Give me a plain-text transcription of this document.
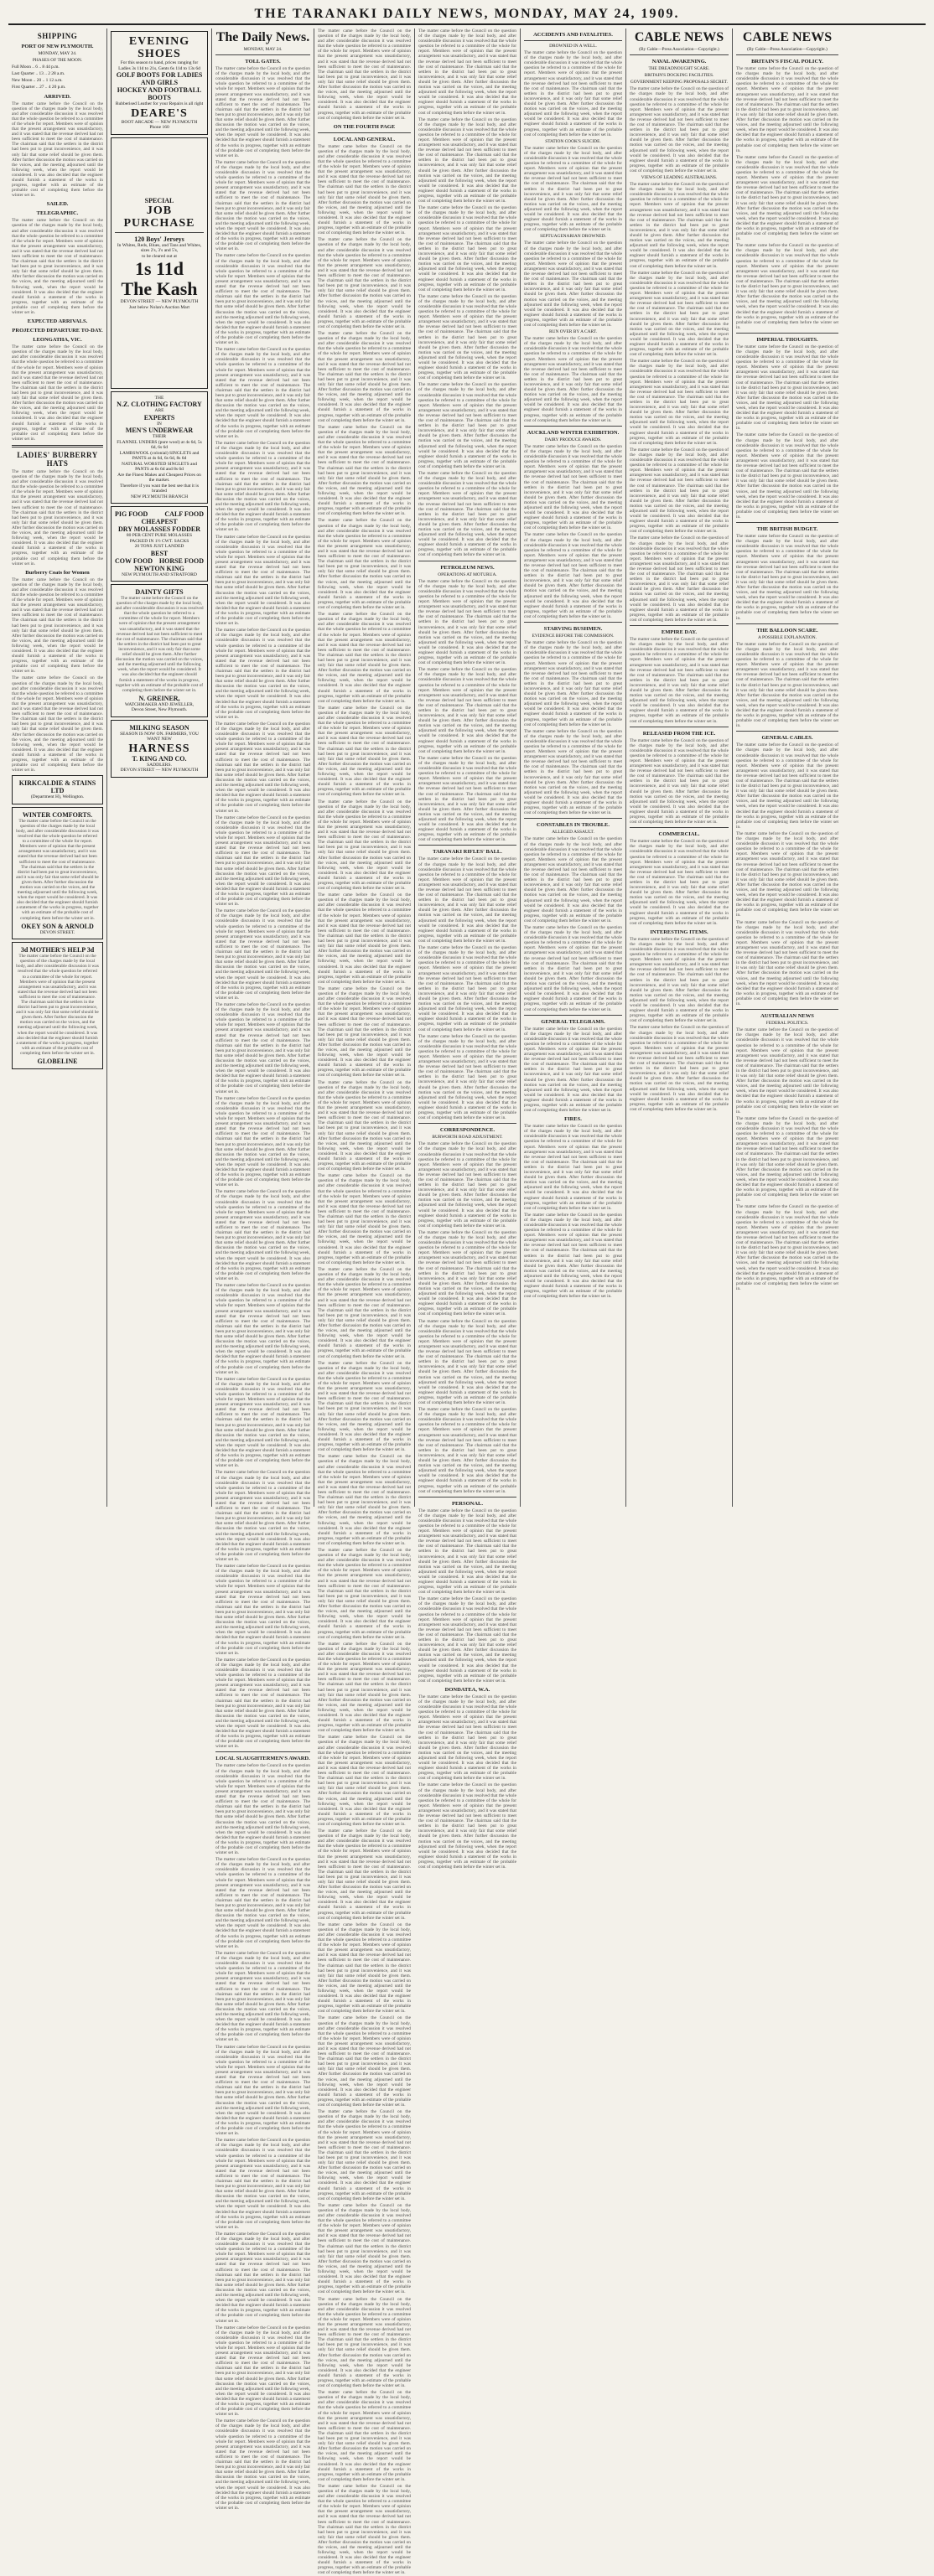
THE TARANAKI DAILY NEWS, MONDAY, MAY 24, 1909.
SHIPPING
PORT OF NEW PLYMOUTH.

MONDAY, MAY 24.

PHASES OF THE MOON.

Full Moon .. 6 .. 8 44 p.m.

Last Quarter .. 13 .. 2 28 a.m.

New Moon .. 20 .. 1 12 a.m.

First Quarter .. 27 .. 4 20 p.m.

ARRIVED.

The matter came before the Council on the question of the charges made by the local body, and after considerable discussion it was resolved that the whole question be referred to a committee of the whole for report. Members were of opinion that the present arrangement was unsatisfactory, and it was stated that the revenue derived had not been sufficient to meet the cost of maintenance. The chairman said that the settlers in the district had been put to great inconvenience, and it was only fair that some relief should be given them. After further discussion the motion was carried on the voices, and the meeting adjourned until the following week, when the report would be considered. It was also decided that the engineer should furnish a statement of the works in progress, together with an estimate of the probable cost of completing them before the winter set in.

SAILED.
TELEGRAPHIC.

The matter came before the Council on the question of the charges made by the local body, and after considerable discussion it was resolved that the whole question be referred to a committee of the whole for report. Members were of opinion that the present arrangement was unsatisfactory, and it was stated that the revenue derived had not been sufficient to meet the cost of maintenance. The chairman said that the settlers in the district had been put to great inconvenience, and it was only fair that some relief should be given them. After further discussion the motion was carried on the voices, and the meeting adjourned until the following week, when the report would be considered. It was also decided that the engineer should furnish a statement of the works in progress, together with an estimate of the probable cost of completing them before the winter set in.

EXPECTED ARRIVALS.
PROJECTED DEPARTURE TO-DAY.
LEONGATHA, VIC.

The matter came before the Council on the question of the charges made by the local body, and after considerable discussion it was resolved that the whole question be referred to a committee of the whole for report. Members were of opinion that the present arrangement was unsatisfactory, and it was stated that the revenue derived had not been sufficient to meet the cost of maintenance. The chairman said that the settlers in the district had been put to great inconvenience, and it was only fair that some relief should be given them. After further discussion the motion was carried on the voices, and the meeting adjourned until the following week, when the report would be considered. It was also decided that the engineer should furnish a statement of the works in progress, together with an estimate of the probable cost of completing them before the winter set in.

LADIES' BURBERRY HATS

The matter came before the Council on the question of the charges made by the local body, and after considerable discussion it was resolved that the whole question be referred to a committee of the whole for report. Members were of opinion that the present arrangement was unsatisfactory, and it was stated that the revenue derived had not been sufficient to meet the cost of maintenance. The chairman said that the settlers in the district had been put to great inconvenience, and it was only fair that some relief should be given them. After further discussion the motion was carried on the voices, and the meeting adjourned until the following week, when the report would be considered. It was also decided that the engineer should furnish a statement of the works in progress, together with an estimate of the probable cost of completing them before the winter set in.

Burberry Coats for Women

The matter came before the Council on the question of the charges made by the local body, and after considerable discussion it was resolved that the whole question be referred to a committee of the whole for report. Members were of opinion that the present arrangement was unsatisfactory, and it was stated that the revenue derived had not been sufficient to meet the cost of maintenance. The chairman said that the settlers in the district had been put to great inconvenience, and it was only fair that some relief should be given them. After further discussion the motion was carried on the voices, and the meeting adjourned until the following week, when the report would be considered. It was also decided that the engineer should furnish a statement of the works in progress, together with an estimate of the probable cost of completing them before the winter set in.

The matter came before the Council on the question of the charges made by the local body, and after considerable discussion it was resolved that the whole question be referred to a committee of the whole for report. Members were of opinion that the present arrangement was unsatisfactory, and it was stated that the revenue derived had not been sufficient to meet the cost of maintenance. The chairman said that the settlers in the district had been put to great inconvenience, and it was only fair that some relief should be given them. After further discussion the motion was carried on the voices, and the meeting adjourned until the following week, when the report would be considered. It was also decided that the engineer should furnish a statement of the works in progress, together with an estimate of the probable cost of completing them before the winter set in.

KIRKCALDIE & STAINS LTD
(Department H), Wellington.
WINTER COMFORTS.

The matter came before the Council on the question of the charges made by the local body, and after considerable discussion it was resolved that the whole question be referred to a committee of the whole for report. Members were of opinion that the present arrangement was unsatisfactory, and it was stated that the revenue derived had not been sufficient to meet the cost of maintenance. The chairman said that the settlers in the district had been put to great inconvenience, and it was only fair that some relief should be given them. After further discussion the motion was carried on the voices, and the meeting adjourned until the following week, when the report would be considered. It was also decided that the engineer should furnish a statement of the works in progress, together with an estimate of the probable cost of completing them before the winter set in.

OKEY SON & ARNOLD
DEVON STREET.
3d MOTHER'S HELP 3d

The matter came before the Council on the question of the charges made by the local body, and after considerable discussion it was resolved that the whole question be referred to a committee of the whole for report. Members were of opinion that the present arrangement was unsatisfactory, and it was stated that the revenue derived had not been sufficient to meet the cost of maintenance. The chairman said that the settlers in the district had been put to great inconvenience, and it was only fair that some relief should be given them. After further discussion the motion was carried on the voices, and the meeting adjourned until the following week, when the report would be considered. It was also decided that the engineer should furnish a statement of the works in progress, together with an estimate of the probable cost of completing them before the winter set in.

GLOBELINE
EVENING SHOES
For this season to hand, prices ranging for Ladies 3s 11d to 21s, Gents 6s 11d to 13s 6d
GOLF BOOTS FOR LADIES AND GIRLS
HOCKEY AND FOOTBALL BOOTS
Rubberised Leather for your Repairs is all right
DEARE'S
BOOT ARCADE — NEW PLYMOUTH
Phone 160
SPECIAL
JOB PURCHASE
120 Boys' Jerseys
In Whites, Reds, Blues, and Tans and Whites, sizes 2's, 3's and 5's,
to be cleared out at
1s 11d
The Kash
DEVON STREET — NEW PLYMOUTH
Just below Nolan's Auction Mart
THE
N.Z. CLOTHING FACTORY
ARE
EXPERTS
IN
MEN'S UNDERWEAR
THEIR
FLANNEL UNDERS (pure wool) at 4s 6d, 5s 6d, 6s 6d
LAMBSWOOL (colonial) SINGLETS and PANTS at 4s 6d, 6s 6d, 8s 6d
NATURAL WORSTED SINGLETS and PANTS at 6s 6d and 8s 6d
Are the Finest Makes and Cheapest Prices on the market.
Therefore if you want the best see that it is branded
NEW PLYMOUTH BRANCH
PIG FOOD	CALF FOOD
CHEAPEST
DRY MOLASSES FODDER
80 PER CENT PURE MOLASSES
PACKED IN 1½ CWT. SACKS
20 TONS JUST LANDED
BEST
COW FOOD HORSE FOOD
NEWTON KING
NEW PLYMOUTH AND STRATFORD
DAINTY GIFTS

The matter came before the Council on the question of the charges made by the local body, and after considerable discussion it was resolved that the whole question be referred to a committee of the whole for report. Members were of opinion that the present arrangement was unsatisfactory, and it was stated that the revenue derived had not been sufficient to meet the cost of maintenance. The chairman said that the settlers in the district had been put to great inconvenience, and it was only fair that some relief should be given them. After further discussion the motion was carried on the voices, and the meeting adjourned until the following week, when the report would be considered. It was also decided that the engineer should furnish a statement of the works in progress, together with an estimate of the probable cost of completing them before the winter set in.

N. GREINER,
WATCHMAKER AND JEWELLER,
Devon Street, New Plymouth.
MILKING SEASON
SEASON IS NOW ON. FARMERS, YOU WANT NEW
HARNESS
T. KING AND CO.
SADDLERS.
DEVON STREET — NEW PLYMOUTH
The Daily News.

MONDAY, MAY 24.

TOLL GATES.

The matter came before the Council on the question of the charges made by the local body, and after considerable discussion it was resolved that the whole question be referred to a committee of the whole for report. Members were of opinion that the present arrangement was unsatisfactory, and it was stated that the revenue derived had not been sufficient to meet the cost of maintenance. The chairman said that the settlers in the district had been put to great inconvenience, and it was only fair that some relief should be given them. After further discussion the motion was carried on the voices, and the meeting adjourned until the following week, when the report would be considered. It was also decided that the engineer should furnish a statement of the works in progress, together with an estimate of the probable cost of completing them before the winter set in.

The matter came before the Council on the question of the charges made by the local body, and after considerable discussion it was resolved that the whole question be referred to a committee of the whole for report. Members were of opinion that the present arrangement was unsatisfactory, and it was stated that the revenue derived had not been sufficient to meet the cost of maintenance. The chairman said that the settlers in the district had been put to great inconvenience, and it was only fair that some relief should be given them. After further discussion the motion was carried on the voices, and the meeting adjourned until the following week, when the report would be considered. It was also decided that the engineer should furnish a statement of the works in progress, together with an estimate of the probable cost of completing them before the winter set in.

The matter came before the Council on the question of the charges made by the local body, and after considerable discussion it was resolved that the whole question be referred to a committee of the whole for report. Members were of opinion that the present arrangement was unsatisfactory, and it was stated that the revenue derived had not been sufficient to meet the cost of maintenance. The chairman said that the settlers in the district had been put to great inconvenience, and it was only fair that some relief should be given them. After further discussion the motion was carried on the voices, and the meeting adjourned until the following week, when the report would be considered. It was also decided that the engineer should furnish a statement of the works in progress, together with an estimate of the probable cost of completing them before the winter set in.

The matter came before the Council on the question of the charges made by the local body, and after considerable discussion it was resolved that the whole question be referred to a committee of the whole for report. Members were of opinion that the present arrangement was unsatisfactory, and it was stated that the revenue derived had not been sufficient to meet the cost of maintenance. The chairman said that the settlers in the district had been put to great inconvenience, and it was only fair that some relief should be given them. After further discussion the motion was carried on the voices, and the meeting adjourned until the following week, when the report would be considered. It was also decided that the engineer should furnish a statement of the works in progress, together with an estimate of the probable cost of completing them before the winter set in.

The matter came before the Council on the question of the charges made by the local body, and after considerable discussion it was resolved that the whole question be referred to a committee of the whole for report. Members were of opinion that the present arrangement was unsatisfactory, and it was stated that the revenue derived had not been sufficient to meet the cost of maintenance. The chairman said that the settlers in the district had been put to great inconvenience, and it was only fair that some relief should be given them. After further discussion the motion was carried on the voices, and the meeting adjourned until the following week, when the report would be considered. It was also decided that the engineer should furnish a statement of the works in progress, together with an estimate of the probable cost of completing them before the winter set in.

The matter came before the Council on the question of the charges made by the local body, and after considerable discussion it was resolved that the whole question be referred to a committee of the whole for report. Members were of opinion that the present arrangement was unsatisfactory, and it was stated that the revenue derived had not been sufficient to meet the cost of maintenance. The chairman said that the settlers in the district had been put to great inconvenience, and it was only fair that some relief should be given them. After further discussion the motion was carried on the voices, and the meeting adjourned until the following week, when the report would be considered. It was also decided that the engineer should furnish a statement of the works in progress, together with an estimate of the probable cost of completing them before the winter set in.

The matter came before the Council on the question of the charges made by the local body, and after considerable discussion it was resolved that the whole question be referred to a committee of the whole for report. Members were of opinion that the present arrangement was unsatisfactory, and it was stated that the revenue derived had not been sufficient to meet the cost of maintenance. The chairman said that the settlers in the district had been put to great inconvenience, and it was only fair that some relief should be given them. After further discussion the motion was carried on the voices, and the meeting adjourned until the following week, when the report would be considered. It was also decided that the engineer should furnish a statement of the works in progress, together with an estimate of the probable cost of completing them before the winter set in.

The matter came before the Council on the question of the charges made by the local body, and after considerable discussion it was resolved that the whole question be referred to a committee of the whole for report. Members were of opinion that the present arrangement was unsatisfactory, and it was stated that the revenue derived had not been sufficient to meet the cost of maintenance. The chairman said that the settlers in the district had been put to great inconvenience, and it was only fair that some relief should be given them. After further discussion the motion was carried on the voices, and the meeting adjourned until the following week, when the report would be considered. It was also decided that the engineer should furnish a statement of the works in progress, together with an estimate of the probable cost of completing them before the winter set in.

The matter came before the Council on the question of the charges made by the local body, and after considerable discussion it was resolved that the whole question be referred to a committee of the whole for report. Members were of opinion that the present arrangement was unsatisfactory, and it was stated that the revenue derived had not been sufficient to meet the cost of maintenance. The chairman said that the settlers in the district had been put to great inconvenience, and it was only fair that some relief should be given them. After further discussion the motion was carried on the voices, and the meeting adjourned until the following week, when the report would be considered. It was also decided that the engineer should furnish a statement of the works in progress, together with an estimate of the probable cost of completing them before the winter set in.

The matter came before the Council on the question of the charges made by the local body, and after considerable discussion it was resolved that the whole question be referred to a committee of the whole for report. Members were of opinion that the present arrangement was unsatisfactory, and it was stated that the revenue derived had not been sufficient to meet the cost of maintenance. The chairman said that the settlers in the district had been put to great inconvenience, and it was only fair that some relief should be given them. After further discussion the motion was carried on the voices, and the meeting adjourned until the following week, when the report would be considered. It was also decided that the engineer should furnish a statement of the works in progress, together with an estimate of the probable cost of completing them before the winter set in.

The matter came before the Council on the question of the charges made by the local body, and after considerable discussion it was resolved that the whole question be referred to a committee of the whole for report. Members were of opinion that the present arrangement was unsatisfactory, and it was stated that the revenue derived had not been sufficient to meet the cost of maintenance. The chairman said that the settlers in the district had been put to great inconvenience, and it was only fair that some relief should be given them. After further discussion the motion was carried on the voices, and the meeting adjourned until the following week, when the report would be considered. It was also decided that the engineer should furnish a statement of the works in progress, together with an estimate of the probable cost of completing them before the winter set in.

The matter came before the Council on the question of the charges made by the local body, and after considerable discussion it was resolved that the whole question be referred to a committee of the whole for report. Members were of opinion that the present arrangement was unsatisfactory, and it was stated that the revenue derived had not been sufficient to meet the cost of maintenance. The chairman said that the settlers in the district had been put to great inconvenience, and it was only fair that some relief should be given them. After further discussion the motion was carried on the voices, and the meeting adjourned until the following week, when the report would be considered. It was also decided that the engineer should furnish a statement of the works in progress, together with an estimate of the probable cost of completing them before the winter set in.

The matter came before the Council on the question of the charges made by the local body, and after considerable discussion it was resolved that the whole question be referred to a committee of the whole for report. Members were of opinion that the present arrangement was unsatisfactory, and it was stated that the revenue derived had not been sufficient to meet the cost of maintenance. The chairman said that the settlers in the district had been put to great inconvenience, and it was only fair that some relief should be given them. After further discussion the motion was carried on the voices, and the meeting adjourned until the following week, when the report would be considered. It was also decided that the engineer should furnish a statement of the works in progress, together with an estimate of the probable cost of completing them before the winter set in.

The matter came before the Council on the question of the charges made by the local body, and after considerable discussion it was resolved that the whole question be referred to a committee of the whole for report. Members were of opinion that the present arrangement was unsatisfactory, and it was stated that the revenue derived had not been sufficient to meet the cost of maintenance. The chairman said that the settlers in the district had been put to great inconvenience, and it was only fair that some relief should be given them. After further discussion the motion was carried on the voices, and the meeting adjourned until the following week, when the report would be considered. It was also decided that the engineer should furnish a statement of the works in progress, together with an estimate of the probable cost of completing them before the winter set in.

The matter came before the Council on the question of the charges made by the local body, and after considerable discussion it was resolved that the whole question be referred to a committee of the whole for report. Members were of opinion that the present arrangement was unsatisfactory, and it was stated that the revenue derived had not been sufficient to meet the cost of maintenance. The chairman said that the settlers in the district had been put to great inconvenience, and it was only fair that some relief should be given them. After further discussion the motion was carried on the voices, and the meeting adjourned until the following week, when the report would be considered. It was also decided that the engineer should furnish a statement of the works in progress, together with an estimate of the probable cost of completing them before the winter set in.

The matter came before the Council on the question of the charges made by the local body, and after considerable discussion it was resolved that the whole question be referred to a committee of the whole for report. Members were of opinion that the present arrangement was unsatisfactory, and it was stated that the revenue derived had not been sufficient to meet the cost of maintenance. The chairman said that the settlers in the district had been put to great inconvenience, and it was only fair that some relief should be given them. After further discussion the motion was carried on the voices, and the meeting adjourned until the following week, when the report would be considered. It was also decided that the engineer should furnish a statement of the works in progress, together with an estimate of the probable cost of completing them before the winter set in.

The matter came before the Council on the question of the charges made by the local body, and after considerable discussion it was resolved that the whole question be referred to a committee of the whole for report. Members were of opinion that the present arrangement was unsatisfactory, and it was stated that the revenue derived had not been sufficient to meet the cost of maintenance. The chairman said that the settlers in the district had been put to great inconvenience, and it was only fair that some relief should be given them. After further discussion the motion was carried on the voices, and the meeting adjourned until the following week, when the report would be considered. It was also decided that the engineer should furnish a statement of the works in progress, together with an estimate of the probable cost of completing them before the winter set in.

The matter came before the Council on the question of the charges made by the local body, and after considerable discussion it was resolved that the whole question be referred to a committee of the whole for report. Members were of opinion that the present arrangement was unsatisfactory, and it was stated that the revenue derived had not been sufficient to meet the cost of maintenance. The chairman said that the settlers in the district had been put to great inconvenience, and it was only fair that some relief should be given them. After further discussion the motion was carried on the voices, and the meeting adjourned until the following week, when the report would be considered. It was also decided that the engineer should furnish a statement of the works in progress, together with an estimate of the probable cost of completing them before the winter set in.

LOCAL SLAUGHTERMEN'S AWARD.

The matter came before the Council on the question of the charges made by the local body, and after considerable discussion it was resolved that the whole question be referred to a committee of the whole for report. Members were of opinion that the present arrangement was unsatisfactory, and it was stated that the revenue derived had not been sufficient to meet the cost of maintenance. The chairman said that the settlers in the district had been put to great inconvenience, and it was only fair that some relief should be given them. After further discussion the motion was carried on the voices, and the meeting adjourned until the following week, when the report would be considered. It was also decided that the engineer should furnish a statement of the works in progress, together with an estimate of the probable cost of completing them before the winter set in.

The matter came before the Council on the question of the charges made by the local body, and after considerable discussion it was resolved that the whole question be referred to a committee of the whole for report. Members were of opinion that the present arrangement was unsatisfactory, and it was stated that the revenue derived had not been sufficient to meet the cost of maintenance. The chairman said that the settlers in the district had been put to great inconvenience, and it was only fair that some relief should be given them. After further discussion the motion was carried on the voices, and the meeting adjourned until the following week, when the report would be considered. It was also decided that the engineer should furnish a statement of the works in progress, together with an estimate of the probable cost of completing them before the winter set in.

The matter came before the Council on the question of the charges made by the local body, and after considerable discussion it was resolved that the whole question be referred to a committee of the whole for report. Members were of opinion that the present arrangement was unsatisfactory, and it was stated that the revenue derived had not been sufficient to meet the cost of maintenance. The chairman said that the settlers in the district had been put to great inconvenience, and it was only fair that some relief should be given them. After further discussion the motion was carried on the voices, and the meeting adjourned until the following week, when the report would be considered. It was also decided that the engineer should furnish a statement of the works in progress, together with an estimate of the probable cost of completing them before the winter set in.

The matter came before the Council on the question of the charges made by the local body, and after considerable discussion it was resolved that the whole question be referred to a committee of the whole for report. Members were of opinion that the present arrangement was unsatisfactory, and it was stated that the revenue derived had not been sufficient to meet the cost of maintenance. The chairman said that the settlers in the district had been put to great inconvenience, and it was only fair that some relief should be given them. After further discussion the motion was carried on the voices, and the meeting adjourned until the following week, when the report would be considered. It was also decided that the engineer should furnish a statement of the works in progress, together with an estimate of the probable cost of completing them before the winter set in.

The matter came before the Council on the question of the charges made by the local body, and after considerable discussion it was resolved that the whole question be referred to a committee of the whole for report. Members were of opinion that the present arrangement was unsatisfactory, and it was stated that the revenue derived had not been sufficient to meet the cost of maintenance. The chairman said that the settlers in the district had been put to great inconvenience, and it was only fair that some relief should be given them. After further discussion the motion was carried on the voices, and the meeting adjourned until the following week, when the report would be considered. It was also decided that the engineer should furnish a statement of the works in progress, together with an estimate of the probable cost of completing them before the winter set in.

The matter came before the Council on the question of the charges made by the local body, and after considerable discussion it was resolved that the whole question be referred to a committee of the whole for report. Members were of opinion that the present arrangement was unsatisfactory, and it was stated that the revenue derived had not been sufficient to meet the cost of maintenance. The chairman said that the settlers in the district had been put to great inconvenience, and it was only fair that some relief should be given them. After further discussion the motion was carried on the voices, and the meeting adjourned until the following week, when the report would be considered. It was also decided that the engineer should furnish a statement of the works in progress, together with an estimate of the probable cost of completing them before the winter set in.

The matter came before the Council on the question of the charges made by the local body, and after considerable discussion it was resolved that the whole question be referred to a committee of the whole for report. Members were of opinion that the present arrangement was unsatisfactory, and it was stated that the revenue derived had not been sufficient to meet the cost of maintenance. The chairman said that the settlers in the district had been put to great inconvenience, and it was only fair that some relief should be given them. After further discussion the motion was carried on the voices, and the meeting adjourned until the following week, when the report would be considered. It was also decided that the engineer should furnish a statement of the works in progress, together with an estimate of the probable cost of completing them before the winter set in.

The matter came before the Council on the question of the charges made by the local body, and after considerable discussion it was resolved that the whole question be referred to a committee of the whole for report. Members were of opinion that the present arrangement was unsatisfactory, and it was stated that the revenue derived had not been sufficient to meet the cost of maintenance. The chairman said that the settlers in the district had been put to great inconvenience, and it was only fair that some relief should be given them. After further discussion the motion was carried on the voices, and the meeting adjourned until the following week, when the report would be considered. It was also decided that the engineer should furnish a statement of the works in progress, together with an estimate of the probable cost of completing them before the winter set in.

The matter came before the Council on the question of the charges made by the local body, and after considerable discussion it was resolved that the whole question be referred to a committee of the whole for report. Members were of opinion that the present arrangement was unsatisfactory, and it was stated that the revenue derived had not been sufficient to meet the cost of maintenance. The chairman said that the settlers in the district had been put to great inconvenience, and it was only fair that some relief should be given them. After further discussion the motion was carried on the voices, and the meeting adjourned until the following week, when the report would be considered. It was also decided that the engineer should furnish a statement of the works in progress, together with an estimate of the probable cost of completing them before the winter set in.

ON THE FOURTH PAGE
LOCAL AND GENERAL.

The matter came before the Council on the question of the charges made by the local body, and after considerable discussion it was resolved that the whole question be referred to a committee of the whole for report. Members were of opinion that the present arrangement was unsatisfactory, and it was stated that the revenue derived had not been sufficient to meet the cost of maintenance. The chairman said that the settlers in the district had been put to great inconvenience, and it was only fair that some relief should be given them. After further discussion the motion was carried on the voices, and the meeting adjourned until the following week, when the report would be considered. It was also decided that the engineer should furnish a statement of the works in progress, together with an estimate of the probable cost of completing them before the winter set in.

The matter came before the Council on the question of the charges made by the local body, and after considerable discussion it was resolved that the whole question be referred to a committee of the whole for report. Members were of opinion that the present arrangement was unsatisfactory, and it was stated that the revenue derived had not been sufficient to meet the cost of maintenance. The chairman said that the settlers in the district had been put to great inconvenience, and it was only fair that some relief should be given them. After further discussion the motion was carried on the voices, and the meeting adjourned until the following week, when the report would be considered. It was also decided that the engineer should furnish a statement of the works in progress, together with an estimate of the probable cost of completing them before the winter set in.

The matter came before the Council on the question of the charges made by the local body, and after considerable discussion it was resolved that the whole question be referred to a committee of the whole for report. Members were of opinion that the present arrangement was unsatisfactory, and it was stated that the revenue derived had not been sufficient to meet the cost of maintenance. The chairman said that the settlers in the district had been put to great inconvenience, and it was only fair that some relief should be given them. After further discussion the motion was carried on the voices, and the meeting adjourned until the following week, when the report would be considered. It was also decided that the engineer should furnish a statement of the works in progress, together with an estimate of the probable cost of completing them before the winter set in.

The matter came before the Council on the question of the charges made by the local body, and after considerable discussion it was resolved that the whole question be referred to a committee of the whole for report. Members were of opinion that the present arrangement was unsatisfactory, and it was stated that the revenue derived had not been sufficient to meet the cost of maintenance. The chairman said that the settlers in the district had been put to great inconvenience, and it was only fair that some relief should be given them. After further discussion the motion was carried on the voices, and the meeting adjourned until the following week, when the report would be considered. It was also decided that the engineer should furnish a statement of the works in progress, together with an estimate of the probable cost of completing them before the winter set in.

The matter came before the Council on the question of the charges made by the local body, and after considerable discussion it was resolved that the whole question be referred to a committee of the whole for report. Members were of opinion that the present arrangement was unsatisfactory, and it was stated that the revenue derived had not been sufficient to meet the cost of maintenance. The chairman said that the settlers in the district had been put to great inconvenience, and it was only fair that some relief should be given them. After further discussion the motion was carried on the voices, and the meeting adjourned until the following week, when the report would be considered. It was also decided that the engineer should furnish a statement of the works in progress, together with an estimate of the probable cost of completing them before the winter set in.

The matter came before the Council on the question of the charges made by the local body, and after considerable discussion it was resolved that the whole question be referred to a committee of the whole for report. Members were of opinion that the present arrangement was unsatisfactory, and it was stated that the revenue derived had not been sufficient to meet the cost of maintenance. The chairman said that the settlers in the district had been put to great inconvenience, and it was only fair that some relief should be given them. After further discussion the motion was carried on the voices, and the meeting adjourned until the following week, when the report would be considered. It was also decided that the engineer should furnish a statement of the works in progress, together with an estimate of the probable cost of completing them before the winter set in.

The matter came before the Council on the question of the charges made by the local body, and after considerable discussion it was resolved that the whole question be referred to a committee of the whole for report. Members were of opinion that the present arrangement was unsatisfactory, and it was stated that the revenue derived had not been sufficient to meet the cost of maintenance. The chairman said that the settlers in the district had been put to great inconvenience, and it was only fair that some relief should be given them. After further discussion the motion was carried on the voices, and the meeting adjourned until the following week, when the report would be considered. It was also decided that the engineer should furnish a statement of the works in progress, together with an estimate of the probable cost of completing them before the winter set in.

The matter came before the Council on the question of the charges made by the local body, and after considerable discussion it was resolved that the whole question be referred to a committee of the whole for report. Members were of opinion that the present arrangement was unsatisfactory, and it was stated that the revenue derived had not been sufficient to meet the cost of maintenance. The chairman said that the settlers in the district had been put to great inconvenience, and it was only fair that some relief should be given them. After further discussion the motion was carried on the voices, and the meeting adjourned until the following week, when the report would be considered. It was also decided that the engineer should furnish a statement of the works in progress, together with an estimate of the probable cost of completing them before the winter set in.

The matter came before the Council on the question of the charges made by the local body, and after considerable discussion it was resolved that the whole question be referred to a committee of the whole for report. Members were of opinion that the present arrangement was unsatisfactory, and it was stated that the revenue derived had not been sufficient to meet the cost of maintenance. The chairman said that the settlers in the district had been put to great inconvenience, and it was only fair that some relief should be given them. After further discussion the motion was carried on the voices, and the meeting adjourned until the following week, when the report would be considered. It was also decided that the engineer should furnish a statement of the works in progress, together with an estimate of the probable cost of completing them before the winter set in.

The matter came before the Council on the question of the charges made by the local body, and after considerable discussion it was resolved that the whole question be referred to a committee of the whole for report. Members were of opinion that the present arrangement was unsatisfactory, and it was stated that the revenue derived had not been sufficient to meet the cost of maintenance. The chairman said that the settlers in the district had been put to great inconvenience, and it was only fair that some relief should be given them. After further discussion the motion was carried on the voices, and the meeting adjourned until the following week, when the report would be considered. It was also decided that the engineer should furnish a statement of the works in progress, together with an estimate of the probable cost of completing them before the winter set in.

The matter came before the Council on the question of the charges made by the local body, and after considerable discussion it was resolved that the whole question be referred to a committee of the whole for report. Members were of opinion that the present arrangement was unsatisfactory, and it was stated that the revenue derived had not been sufficient to meet the cost of maintenance. The chairman said that the settlers in the district had been put to great inconvenience, and it was only fair that some relief should be given them. After further discussion the motion was carried on the voices, and the meeting adjourned until the following week, when the report would be considered. It was also decided that the engineer should furnish a statement of the works in progress, together with an estimate of the probable cost of completing them before the winter set in.

The matter came before the Council on the question of the charges made by the local body, and after considerable discussion it was resolved that the whole question be referred to a committee of the whole for report. Members were of opinion that the present arrangement was unsatisfactory, and it was stated that the revenue derived had not been sufficient to meet the cost of maintenance. The chairman said that the settlers in the district had been put to great inconvenience, and it was only fair that some relief should be given them. After further discussion the motion was carried on the voices, and the meeting adjourned until the following week, when the report would be considered. It was also decided that the engineer should furnish a statement of the works in progress, together with an estimate of the probable cost of completing them before the winter set in.

The matter came before the Council on the question of the charges made by the local body, and after considerable discussion it was resolved that the whole question be referred to a committee of the whole for report. Members were of opinion that the present arrangement was unsatisfactory, and it was stated that the revenue derived had not been sufficient to meet the cost of maintenance. The chairman said that the settlers in the district had been put to great inconvenience, and it was only fair that some relief should be given them. After further discussion the motion was carried on the voices, and the meeting adjourned until the following week, when the report would be considered. It was also decided that the engineer should furnish a statement of the works in progress, together with an estimate of the probable cost of completing them before the winter set in.

The matter came before the Council on the question of the charges made by the local body, and after considerable discussion it was resolved that the whole question be referred to a committee of the whole for report. Members were of opinion that the present arrangement was unsatisfactory, and it was stated that the revenue derived had not been sufficient to meet the cost of maintenance. The chairman said that the settlers in the district had been put to great inconvenience, and it was only fair that some relief should be given them. After further discussion the motion was carried on the voices, and the meeting adjourned until the following week, when the report would be considered. It was also decided that the engineer should furnish a statement of the works in progress, together with an estimate of the probable cost of completing them before the winter set in.

The matter came before the Council on the question of the charges made by the local body, and after considerable discussion it was resolved that the whole question be referred to a committee of the whole for report. Members were of opinion that the present arrangement was unsatisfactory, and it was stated that the revenue derived had not been sufficient to meet the cost of maintenance. The chairman said that the settlers in the district had been put to great inconvenience, and it was only fair that some relief should be given them. After further discussion the motion was carried on the voices, and the meeting adjourned until the following week, when the report would be considered. It was also decided that the engineer should furnish a statement of the works in progress, together with an estimate of the probable cost of completing them before the winter set in.

The matter came before the Council on the question of the charges made by the local body, and after considerable discussion it was resolved that the whole question be referred to a committee of the whole for report. Members were of opinion that the present arrangement was unsatisfactory, and it was stated that the revenue derived had not been sufficient to meet the cost of maintenance. The chairman said that the settlers in the district had been put to great inconvenience, and it was only fair that some relief should be given them. After further discussion the motion was carried on the voices, and the meeting adjourned until the following week, when the report would be considered. It was also decided that the engineer should furnish a statement of the works in progress, together with an estimate of the probable cost of completing them before the winter set in.

The matter came before the Council on the question of the charges made by the local body, and after considerable discussion it was resolved that the whole question be referred to a committee of the whole for report. Members were of opinion that the present arrangement was unsatisfactory, and it was stated that the revenue derived had not been sufficient to meet the cost of maintenance. The chairman said that the settlers in the district had been put to great inconvenience, and it was only fair that some relief should be given them. After further discussion the motion was carried on the voices, and the meeting adjourned until the following week, when the report would be considered. It was also decided that the engineer should furnish a statement of the works in progress, together with an estimate of the probable cost of completing them before the winter set in.

The matter came before the Council on the question of the charges made by the local body, and after considerable discussion it was resolved that the whole question be referred to a committee of the whole for report. Members were of opinion that the present arrangement was unsatisfactory, and it was stated that the revenue derived had not been sufficient to meet the cost of maintenance. The chairman said that the settlers in the district had been put to great inconvenience, and it was only fair that some relief should be given them. After further discussion the motion was carried on the voices, and the meeting adjourned until the following week, when the report would be considered. It was also decided that the engineer should furnish a statement of the works in progress, together with an estimate of the probable cost of completing them before the winter set in.

The matter came before the Council on the question of the charges made by the local body, and after considerable discussion it was resolved that the whole question be referred to a committee of the whole for report. Members were of opinion that the present arrangement was unsatisfactory, and it was stated that the revenue derived had not been sufficient to meet the cost of maintenance. The chairman said that the settlers in the district had been put to great inconvenience, and it was only fair that some relief should be given them. After further discussion the motion was carried on the voices, and the meeting adjourned until the following week, when the report would be considered. It was also decided that the engineer should furnish a statement of the works in progress, together with an estimate of the probable cost of completing them before the winter set in.

The matter came before the Council on the question of the charges made by the local body, and after considerable discussion it was resolved that the whole question be referred to a committee of the whole for report. Members were of opinion that the present arrangement was unsatisfactory, and it was stated that the revenue derived had not been sufficient to meet the cost of maintenance. The chairman said that the settlers in the district had been put to great inconvenience, and it was only fair that some relief should be given them. After further discussion the motion was carried on the voices, and the meeting adjourned until the following week, when the report would be considered. It was also decided that the engineer should furnish a statement of the works in progress, together with an estimate of the probable cost of completing them before the winter set in.

The matter came before the Council on the question of the charges made by the local body, and after considerable discussion it was resolved that the whole question be referred to a committee of the whole for report. Members were of opinion that the present arrangement was unsatisfactory, and it was stated that the revenue derived had not been sufficient to meet the cost of maintenance. The chairman said that the settlers in the district had been put to great inconvenience, and it was only fair that some relief should be given them. After further discussion the motion was carried on the voices, and the meeting adjourned until the following week, when the report would be considered. It was also decided that the engineer should furnish a statement of the works in progress, together with an estimate of the probable cost of completing them before the winter set in.

The matter came before the Council on the question of the charges made by the local body, and after considerable discussion it was resolved that the whole question be referred to a committee of the whole for report. Members were of opinion that the present arrangement was unsatisfactory, and it was stated that the revenue derived had not been sufficient to meet the cost of maintenance. The chairman said that the settlers in the district had been put to great inconvenience, and it was only fair that some relief should be given them. After further discussion the motion was carried on the voices, and the meeting adjourned until the following week, when the report would be considered. It was also decided that the engineer should furnish a statement of the works in progress, together with an estimate of the probable cost of completing them before the winter set in.

The matter came before the Council on the question of the charges made by the local body, and after considerable discussion it was resolved that the whole question be referred to a committee of the whole for report. Members were of opinion that the present arrangement was unsatisfactory, and it was stated that the revenue derived had not been sufficient to meet the cost of maintenance. The chairman said that the settlers in the district had been put to great inconvenience, and it was only fair that some relief should be given them. After further discussion the motion was carried on the voices, and the meeting adjourned until the following week, when the report would be considered. It was also decided that the engineer should furnish a statement of the works in progress, together with an estimate of the probable cost of completing them before the winter set in.

The matter came before the Council on the question of the charges made by the local body, and after considerable discussion it was resolved that the whole question be referred to a committee of the whole for report. Members were of opinion that the present arrangement was unsatisfactory, and it was stated that the revenue derived had not been sufficient to meet the cost of maintenance. The chairman said that the settlers in the district had been put to great inconvenience, and it was only fair that some relief should be given them. After further discussion the motion was carried on the voices, and the meeting adjourned until the following week, when the report would be considered. It was also decided that the engineer should furnish a statement of the works in progress, together with an estimate of the probable cost of completing them before the winter set in.

The matter came before the Council on the question of the charges made by the local body, and after considerable discussion it was resolved that the whole question be referred to a committee of the whole for report. Members were of opinion that the present arrangement was unsatisfactory, and it was stated that the revenue derived had not been sufficient to meet the cost of maintenance. The chairman said that the settlers in the district had been put to great inconvenience, and it was only fair that some relief should be given them. After further discussion the motion was carried on the voices, and the meeting adjourned until the following week, when the report would be considered. It was also decided that the engineer should furnish a statement of the works in progress, together with an estimate of the probable cost of completing them before the winter set in.

The matter came before the Council on the question of the charges made by the local body, and after considerable discussion it was resolved that the whole question be referred to a committee of the whole for report. Members were of opinion that the present arrangement was unsatisfactory, and it was stated that the revenue derived had not been sufficient to meet the cost of maintenance. The chairman said that the settlers in the district had been put to great inconvenience, and it was only fair that some relief should be given them. After further discussion the motion was carried on the voices, and the meeting adjourned until the following week, when the report would be considered. It was also decided that the engineer should furnish a statement of the works in progress, together with an estimate of the probable cost of completing them before the winter set in.

The matter came before the Council on the question of the charges made by the local body, and after considerable discussion it was resolved that the whole question be referred to a committee of the whole for report. Members were of opinion that the present arrangement was unsatisfactory, and it was stated that the revenue derived had not been sufficient to meet the cost of maintenance. The chairman said that the settlers in the district had been put to great inconvenience, and it was only fair that some relief should be given them. After further discussion the motion was carried on the voices, and the meeting adjourned until the following week, when the report would be considered. It was also decided that the engineer should furnish a statement of the works in progress, together with an estimate of the probable cost of completing them before the winter set in.

The matter came before the Council on the question of the charges made by the local body, and after considerable discussion it was resolved that the whole question be referred to a committee of the whole for report. Members were of opinion that the present arrangement was unsatisfactory, and it was stated that the revenue derived had not been sufficient to meet the cost of maintenance. The chairman said that the settlers in the district had been put to great inconvenience, and it was only fair that some relief should be given them. After further discussion the motion was carried on the voices, and the meeting adjourned until the following week, when the report would be considered. It was also decided that the engineer should furnish a statement of the works in progress, together with an estimate of the probable cost of completing them before the winter set in.

The matter came before the Council on the question of the charges made by the local body, and after considerable discussion it was resolved that the whole question be referred to a committee of the whole for report. Members were of opinion that the present arrangement was unsatisfactory, and it was stated that the revenue derived had not been sufficient to meet the cost of maintenance. The chairman said that the settlers in the district had been put to great inconvenience, and it was only fair that some relief should be given them. After further discussion the motion was carried on the voices, and the meeting adjourned until the following week, when the report would be considered. It was also decided that the engineer should furnish a statement of the works in progress, together with an estimate of the probable cost of completing them before the winter set in.

The matter came before the Council on the question of the charges made by the local body, and after considerable discussion it was resolved that the whole question be referred to a committee of the whole for report. Members were of opinion that the present arrangement was unsatisfactory, and it was stated that the revenue derived had not been sufficient to meet the cost of maintenance. The chairman said that the settlers in the district had been put to great inconvenience, and it was only fair that some relief should be given them. After further discussion the motion was carried on the voices, and the meeting adjourned until the following week, when the report would be considered. It was also decided that the engineer should furnish a statement of the works in progress, together with an estimate of the probable cost of completing them before the winter set in.

The matter came before the Council on the question of the charges made by the local body, and after considerable discussion it was resolved that the whole question be referred to a committee of the whole for report. Members were of opinion that the present arrangement was unsatisfactory, and it was stated that the revenue derived had not been sufficient to meet the cost of maintenance. The chairman said that the settlers in the district had been put to great inconvenience, and it was only fair that some relief should be given them. After further discussion the motion was carried on the voices, and the meeting adjourned until the following week, when the report would be considered. It was also decided that the engineer should furnish a statement of the works in progress, together with an estimate of the probable cost of completing them before the winter set in.

The matter came before the Council on the question of the charges made by the local body, and after considerable discussion it was resolved that the whole question be referred to a committee of the whole for report. Members were of opinion that the present arrangement was unsatisfactory, and it was stated that the revenue derived had not been sufficient to meet the cost of maintenance. The chairman said that the settlers in the district had been put to great inconvenience, and it was only fair that some relief should be given them. After further discussion the motion was carried on the voices, and the meeting adjourned until the following week, when the report would be considered. It was also decided that the engineer should furnish a statement of the works in progress, together with an estimate of the probable cost of completing them before the winter set in.

PETROLEUM NEWS.

OPERATIONS AT MOTURUA.

The matter came before the Council on the question of the charges made by the local body, and after considerable discussion it was resolved that the whole question be referred to a committee of the whole for report. Members were of opinion that the present arrangement was unsatisfactory, and it was stated that the revenue derived had not been sufficient to meet the cost of maintenance. The chairman said that the settlers in the district had been put to great inconvenience, and it was only fair that some relief should be given them. After further discussion the motion was carried on the voices, and the meeting adjourned until the following week, when the report would be considered. It was also decided that the engineer should furnish a statement of the works in progress, together with an estimate of the probable cost of completing them before the winter set in.

The matter came before the Council on the question of the charges made by the local body, and after considerable discussion it was resolved that the whole question be referred to a committee of the whole for report. Members were of opinion that the present arrangement was unsatisfactory, and it was stated that the revenue derived had not been sufficient to meet the cost of maintenance. The chairman said that the settlers in the district had been put to great inconvenience, and it was only fair that some relief should be given them. After further discussion the motion was carried on the voices, and the meeting adjourned until the following week, when the report would be considered. It was also decided that the engineer should furnish a statement of the works in progress, together with an estimate of the probable cost of completing them before the winter set in.

The matter came before the Council on the question of the charges made by the local body, and after considerable discussion it was resolved that the whole question be referred to a committee of the whole for report. Members were of opinion that the present arrangement was unsatisfactory, and it was stated that the revenue derived had not been sufficient to meet the cost of maintenance. The chairman said that the settlers in the district had been put to great inconvenience, and it was only fair that some relief should be given them. After further discussion the motion was carried on the voices, and the meeting adjourned until the following week, when the report would be considered. It was also decided that the engineer should furnish a statement of the works in progress, together with an estimate of the probable cost of completing them before the winter set in.

TARANAKI RIFLES' BALL.

The matter came before the Council on the question of the charges made by the local body, and after considerable discussion it was resolved that the whole question be referred to a committee of the whole for report. Members were of opinion that the present arrangement was unsatisfactory, and it was stated that the revenue derived had not been sufficient to meet the cost of maintenance. The chairman said that the settlers in the district had been put to great inconvenience, and it was only fair that some relief should be given them. After further discussion the motion was carried on the voices, and the meeting adjourned until the following week, when the report would be considered. It was also decided that the engineer should furnish a statement of the works in progress, together with an estimate of the probable cost of completing them before the winter set in.

The matter came before the Council on the question of the charges made by the local body, and after considerable discussion it was resolved that the whole question be referred to a committee of the whole for report. Members were of opinion that the present arrangement was unsatisfactory, and it was stated that the revenue derived had not been sufficient to meet the cost of maintenance. The chairman said that the settlers in the district had been put to great inconvenience, and it was only fair that some relief should be given them. After further discussion the motion was carried on the voices, and the meeting adjourned until the following week, when the report would be considered. It was also decided that the engineer should furnish a statement of the works in progress, together with an estimate of the probable cost of completing them before the winter set in.

The matter came before the Council on the question of the charges made by the local body, and after considerable discussion it was resolved that the whole question be referred to a committee of the whole for report. Members were of opinion that the present arrangement was unsatisfactory, and it was stated that the revenue derived had not been sufficient to meet the cost of maintenance. The chairman said that the settlers in the district had been put to great inconvenience, and it was only fair that some relief should be given them. After further discussion the motion was carried on the voices, and the meeting adjourned until the following week, when the report would be considered. It was also decided that the engineer should furnish a statement of the works in progress, together with an estimate of the probable cost of completing them before the winter set in.

CORRESPONDENCE.

BURWORTH ROAD ADJUSTMENT.

The matter came before the Council on the question of the charges made by the local body, and after considerable discussion it was resolved that the whole question be referred to a committee of the whole for report. Members were of opinion that the present arrangement was unsatisfactory, and it was stated that the revenue derived had not been sufficient to meet the cost of maintenance. The chairman said that the settlers in the district had been put to great inconvenience, and it was only fair that some relief should be given them. After further discussion the motion was carried on the voices, and the meeting adjourned until the following week, when the report would be considered. It was also decided that the engineer should furnish a statement of the works in progress, together with an estimate of the probable cost of completing them before the winter set in.

The matter came before the Council on the question of the charges made by the local body, and after considerable discussion it was resolved that the whole question be referred to a committee of the whole for report. Members were of opinion that the present arrangement was unsatisfactory, and it was stated that the revenue derived had not been sufficient to meet the cost of maintenance. The chairman said that the settlers in the district had been put to great inconvenience, and it was only fair that some relief should be given them. After further discussion the motion was carried on the voices, and the meeting adjourned until the following week, when the report would be considered. It was also decided that the engineer should furnish a statement of the works in progress, together with an estimate of the probable cost of completing them before the winter set in.

The matter came before the Council on the question of the charges made by the local body, and after considerable discussion it was resolved that the whole question be referred to a committee of the whole for report. Members were of opinion that the present arrangement was unsatisfactory, and it was stated that the revenue derived had not been sufficient to meet the cost of maintenance. The chairman said that the settlers in the district had been put to great inconvenience, and it was only fair that some relief should be given them. After further discussion the motion was carried on the voices, and the meeting adjourned until the following week, when the report would be considered. It was also decided that the engineer should furnish a statement of the works in progress, together with an estimate of the probable cost of completing them before the winter set in.

The matter came before the Council on the question of the charges made by the local body, and after considerable discussion it was resolved that the whole question be referred to a committee of the whole for report. Members were of opinion that the present arrangement was unsatisfactory, and it was stated that the revenue derived had not been sufficient to meet the cost of maintenance. The chairman said that the settlers in the district had been put to great inconvenience, and it was only fair that some relief should be given them. After further discussion the motion was carried on the voices, and the meeting adjourned until the following week, when the report would be considered. It was also decided that the engineer should furnish a statement of the works in progress, together with an estimate of the probable cost of completing them before the winter set in.

PERSONAL.

The matter came before the Council on the question of the charges made by the local body, and after considerable discussion it was resolved that the whole question be referred to a committee of the whole for report. Members were of opinion that the present arrangement was unsatisfactory, and it was stated that the revenue derived had not been sufficient to meet the cost of maintenance. The chairman said that the settlers in the district had been put to great inconvenience, and it was only fair that some relief should be given them. After further discussion the motion was carried on the voices, and the meeting adjourned until the following week, when the report would be considered. It was also decided that the engineer should furnish a statement of the works in progress, together with an estimate of the probable cost of completing them before the winter set in.

The matter came before the Council on the question of the charges made by the local body, and after considerable discussion it was resolved that the whole question be referred to a committee of the whole for report. Members were of opinion that the present arrangement was unsatisfactory, and it was stated that the revenue derived had not been sufficient to meet the cost of maintenance. The chairman said that the settlers in the district had been put to great inconvenience, and it was only fair that some relief should be given them. After further discussion the motion was carried on the voices, and the meeting adjourned until the following week, when the report would be considered. It was also decided that the engineer should furnish a statement of the works in progress, together with an estimate of the probable cost of completing them before the winter set in.

DONDATEA, W.A.

The matter came before the Council on the question of the charges made by the local body, and after considerable discussion it was resolved that the whole question be referred to a committee of the whole for report. Members were of opinion that the present arrangement was unsatisfactory, and it was stated that the revenue derived had not been sufficient to meet the cost of maintenance. The chairman said that the settlers in the district had been put to great inconvenience, and it was only fair that some relief should be given them. After further discussion the motion was carried on the voices, and the meeting adjourned until the following week, when the report would be considered. It was also decided that the engineer should furnish a statement of the works in progress, together with an estimate of the probable cost of completing them before the winter set in.

The matter came before the Council on the question of the charges made by the local body, and after considerable discussion it was resolved that the whole question be referred to a committee of the whole for report. Members were of opinion that the present arrangement was unsatisfactory, and it was stated that the revenue derived had not been sufficient to meet the cost of maintenance. The chairman said that the settlers in the district had been put to great inconvenience, and it was only fair that some relief should be given them. After further discussion the motion was carried on the voices, and the meeting adjourned until the following week, when the report would be considered. It was also decided that the engineer should furnish a statement of the works in progress, together with an estimate of the probable cost of completing them before the winter set in.

ACCIDENTS AND FATALITIES.

DROWNED IN A WELL.

The matter came before the Council on the question of the charges made by the local body, and after considerable discussion it was resolved that the whole question be referred to a committee of the whole for report. Members were of opinion that the present arrangement was unsatisfactory, and it was stated that the revenue derived had not been sufficient to meet the cost of maintenance. The chairman said that the settlers in the district had been put to great inconvenience, and it was only fair that some relief should be given them. After further discussion the motion was carried on the voices, and the meeting adjourned until the following week, when the report would be considered. It was also decided that the engineer should furnish a statement of the works in progress, together with an estimate of the probable cost of completing them before the winter set in.

STATION COOK'S SUICIDE.

The matter came before the Council on the question of the charges made by the local body, and after considerable discussion it was resolved that the whole question be referred to a committee of the whole for report. Members were of opinion that the present arrangement was unsatisfactory, and it was stated that the revenue derived had not been sufficient to meet the cost of maintenance. The chairman said that the settlers in the district had been put to great inconvenience, and it was only fair that some relief should be given them. After further discussion the motion was carried on the voices, and the meeting adjourned until the following week, when the report would be considered. It was also decided that the engineer should furnish a statement of the works in progress, together with an estimate of the probable cost of completing them before the winter set in.

SEPTUAGENARIAN DROWNED.

The matter came before the Council on the question of the charges made by the local body, and after considerable discussion it was resolved that the whole question be referred to a committee of the whole for report. Members were of opinion that the present arrangement was unsatisfactory, and it was stated that the revenue derived had not been sufficient to meet the cost of maintenance. The chairman said that the settlers in the district had been put to great inconvenience, and it was only fair that some relief should be given them. After further discussion the motion was carried on the voices, and the meeting adjourned until the following week, when the report would be considered. It was also decided that the engineer should furnish a statement of the works in progress, together with an estimate of the probable cost of completing them before the winter set in.

RUN OVER BY A CART.

The matter came before the Council on the question of the charges made by the local body, and after considerable discussion it was resolved that the whole question be referred to a committee of the whole for report. Members were of opinion that the present arrangement was unsatisfactory, and it was stated that the revenue derived had not been sufficient to meet the cost of maintenance. The chairman said that the settlers in the district had been put to great inconvenience, and it was only fair that some relief should be given them. After further discussion the motion was carried on the voices, and the meeting adjourned until the following week, when the report would be considered. It was also decided that the engineer should furnish a statement of the works in progress, together with an estimate of the probable cost of completing them before the winter set in.

AUCKLAND WINTER EXHIBITION.

DAIRY PRODUCE AWARDS.

The matter came before the Council on the question of the charges made by the local body, and after considerable discussion it was resolved that the whole question be referred to a committee of the whole for report. Members were of opinion that the present arrangement was unsatisfactory, and it was stated that the revenue derived had not been sufficient to meet the cost of maintenance. The chairman said that the settlers in the district had been put to great inconvenience, and it was only fair that some relief should be given them. After further discussion the motion was carried on the voices, and the meeting adjourned until the following week, when the report would be considered. It was also decided that the engineer should furnish a statement of the works in progress, together with an estimate of the probable cost of completing them before the winter set in.

The matter came before the Council on the question of the charges made by the local body, and after considerable discussion it was resolved that the whole question be referred to a committee of the whole for report. Members were of opinion that the present arrangement was unsatisfactory, and it was stated that the revenue derived had not been sufficient to meet the cost of maintenance. The chairman said that the settlers in the district had been put to great inconvenience, and it was only fair that some relief should be given them. After further discussion the motion was carried on the voices, and the meeting adjourned until the following week, when the report would be considered. It was also decided that the engineer should furnish a statement of the works in progress, together with an estimate of the probable cost of completing them before the winter set in.

STARVING BUSHMEN.

EVIDENCE BEFORE THE COMMISSION.

The matter came before the Council on the question of the charges made by the local body, and after considerable discussion it was resolved that the whole question be referred to a committee of the whole for report. Members were of opinion that the present arrangement was unsatisfactory, and it was stated that the revenue derived had not been sufficient to meet the cost of maintenance. The chairman said that the settlers in the district had been put to great inconvenience, and it was only fair that some relief should be given them. After further discussion the motion was carried on the voices, and the meeting adjourned until the following week, when the report would be considered. It was also decided that the engineer should furnish a statement of the works in progress, together with an estimate of the probable cost of completing them before the winter set in.

The matter came before the Council on the question of the charges made by the local body, and after considerable discussion it was resolved that the whole question be referred to a committee of the whole for report. Members were of opinion that the present arrangement was unsatisfactory, and it was stated that the revenue derived had not been sufficient to meet the cost of maintenance. The chairman said that the settlers in the district had been put to great inconvenience, and it was only fair that some relief should be given them. After further discussion the motion was carried on the voices, and the meeting adjourned until the following week, when the report would be considered. It was also decided that the engineer should furnish a statement of the works in progress, together with an estimate of the probable cost of completing them before the winter set in.

CONSTABLES IN TROUBLE.

ALLEGED ASSAULT.

The matter came before the Council on the question of the charges made by the local body, and after considerable discussion it was resolved that the whole question be referred to a committee of the whole for report. Members were of opinion that the present arrangement was unsatisfactory, and it was stated that the revenue derived had not been sufficient to meet the cost of maintenance. The chairman said that the settlers in the district had been put to great inconvenience, and it was only fair that some relief should be given them. After further discussion the motion was carried on the voices, and the meeting adjourned until the following week, when the report would be considered. It was also decided that the engineer should furnish a statement of the works in progress, together with an estimate of the probable cost of completing them before the winter set in.

The matter came before the Council on the question of the charges made by the local body, and after considerable discussion it was resolved that the whole question be referred to a committee of the whole for report. Members were of opinion that the present arrangement was unsatisfactory, and it was stated that the revenue derived had not been sufficient to meet the cost of maintenance. The chairman said that the settlers in the district had been put to great inconvenience, and it was only fair that some relief should be given them. After further discussion the motion was carried on the voices, and the meeting adjourned until the following week, when the report would be considered. It was also decided that the engineer should furnish a statement of the works in progress, together with an estimate of the probable cost of completing them before the winter set in.

GENERAL TELEGRAMS.

The matter came before the Council on the question of the charges made by the local body, and after considerable discussion it was resolved that the whole question be referred to a committee of the whole for report. Members were of opinion that the present arrangement was unsatisfactory, and it was stated that the revenue derived had not been sufficient to meet the cost of maintenance. The chairman said that the settlers in the district had been put to great inconvenience, and it was only fair that some relief should be given them. After further discussion the motion was carried on the voices, and the meeting adjourned until the following week, when the report would be considered. It was also decided that the engineer should furnish a statement of the works in progress, together with an estimate of the probable cost of completing them before the winter set in.

FIRES.

The matter came before the Council on the question of the charges made by the local body, and after considerable discussion it was resolved that the whole question be referred to a committee of the whole for report. Members were of opinion that the present arrangement was unsatisfactory, and it was stated that the revenue derived had not been sufficient to meet the cost of maintenance. The chairman said that the settlers in the district had been put to great inconvenience, and it was only fair that some relief should be given them. After further discussion the motion was carried on the voices, and the meeting adjourned until the following week, when the report would be considered. It was also decided that the engineer should furnish a statement of the works in progress, together with an estimate of the probable cost of completing them before the winter set in.

The matter came before the Council on the question of the charges made by the local body, and after considerable discussion it was resolved that the whole question be referred to a committee of the whole for report. Members were of opinion that the present arrangement was unsatisfactory, and it was stated that the revenue derived had not been sufficient to meet the cost of maintenance. The chairman said that the settlers in the district had been put to great inconvenience, and it was only fair that some relief should be given them. After further discussion the motion was carried on the voices, and the meeting adjourned until the following week, when the report would be considered. It was also decided that the engineer should furnish a statement of the works in progress, together with an estimate of the probable cost of completing them before the winter set in.

CABLE NEWS

(By Cable—Press Association—Copyright.)

NAVAL AWAKENING.

THE DREADNOUGHT SCARE.

BRITAIN'S DOCKING FACILITIES.

GOVERNMENT KEEPING PROPOSALS SECRET.

The matter came before the Council on the question of the charges made by the local body, and after considerable discussion it was resolved that the whole question be referred to a committee of the whole for report. Members were of opinion that the present arrangement was unsatisfactory, and it was stated that the revenue derived had not been sufficient to meet the cost of maintenance. The chairman said that the settlers in the district had been put to great inconvenience, and it was only fair that some relief should be given them. After further discussion the motion was carried on the voices, and the meeting adjourned until the following week, when the report would be considered. It was also decided that the engineer should furnish a statement of the works in progress, together with an estimate of the probable cost of completing them before the winter set in.

VIEWS OF LEADING AUSTRALIANS.

The matter came before the Council on the question of the charges made by the local body, and after considerable discussion it was resolved that the whole question be referred to a committee of the whole for report. Members were of opinion that the present arrangement was unsatisfactory, and it was stated that the revenue derived had not been sufficient to meet the cost of maintenance. The chairman said that the settlers in the district had been put to great inconvenience, and it was only fair that some relief should be given them. After further discussion the motion was carried on the voices, and the meeting adjourned until the following week, when the report would be considered. It was also decided that the engineer should furnish a statement of the works in progress, together with an estimate of the probable cost of completing them before the winter set in.

The matter came before the Council on the question of the charges made by the local body, and after considerable discussion it was resolved that the whole question be referred to a committee of the whole for report. Members were of opinion that the present arrangement was unsatisfactory, and it was stated that the revenue derived had not been sufficient to meet the cost of maintenance. The chairman said that the settlers in the district had been put to great inconvenience, and it was only fair that some relief should be given them. After further discussion the motion was carried on the voices, and the meeting adjourned until the following week, when the report would be considered. It was also decided that the engineer should furnish a statement of the works in progress, together with an estimate of the probable cost of completing them before the winter set in.

The matter came before the Council on the question of the charges made by the local body, and after considerable discussion it was resolved that the whole question be referred to a committee of the whole for report. Members were of opinion that the present arrangement was unsatisfactory, and it was stated that the revenue derived had not been sufficient to meet the cost of maintenance. The chairman said that the settlers in the district had been put to great inconvenience, and it was only fair that some relief should be given them. After further discussion the motion was carried on the voices, and the meeting adjourned until the following week, when the report would be considered. It was also decided that the engineer should furnish a statement of the works in progress, together with an estimate of the probable cost of completing them before the winter set in.

The matter came before the Council on the question of the charges made by the local body, and after considerable discussion it was resolved that the whole question be referred to a committee of the whole for report. Members were of opinion that the present arrangement was unsatisfactory, and it was stated that the revenue derived had not been sufficient to meet the cost of maintenance. The chairman said that the settlers in the district had been put to great inconvenience, and it was only fair that some relief should be given them. After further discussion the motion was carried on the voices, and the meeting adjourned until the following week, when the report would be considered. It was also decided that the engineer should furnish a statement of the works in progress, together with an estimate of the probable cost of completing them before the winter set in.

The matter came before the Council on the question of the charges made by the local body, and after considerable discussion it was resolved that the whole question be referred to a committee of the whole for report. Members were of opinion that the present arrangement was unsatisfactory, and it was stated that the revenue derived had not been sufficient to meet the cost of maintenance. The chairman said that the settlers in the district had been put to great inconvenience, and it was only fair that some relief should be given them. After further discussion the motion was carried on the voices, and the meeting adjourned until the following week, when the report would be considered. It was also decided that the engineer should furnish a statement of the works in progress, together with an estimate of the probable cost of completing them before the winter set in.

EMPIRE DAY.

The matter came before the Council on the question of the charges made by the local body, and after considerable discussion it was resolved that the whole question be referred to a committee of the whole for report. Members were of opinion that the present arrangement was unsatisfactory, and it was stated that the revenue derived had not been sufficient to meet the cost of maintenance. The chairman said that the settlers in the district had been put to great inconvenience, and it was only fair that some relief should be given them. After further discussion the motion was carried on the voices, and the meeting adjourned until the following week, when the report would be considered. It was also decided that the engineer should furnish a statement of the works in progress, together with an estimate of the probable cost of completing them before the winter set in.

RELEASED FROM THE ICE.

The matter came before the Council on the question of the charges made by the local body, and after considerable discussion it was resolved that the whole question be referred to a committee of the whole for report. Members were of opinion that the present arrangement was unsatisfactory, and it was stated that the revenue derived had not been sufficient to meet the cost of maintenance. The chairman said that the settlers in the district had been put to great inconvenience, and it was only fair that some relief should be given them. After further discussion the motion was carried on the voices, and the meeting adjourned until the following week, when the report would be considered. It was also decided that the engineer should furnish a statement of the works in progress, together with an estimate of the probable cost of completing them before the winter set in.

COMMERCIAL.

The matter came before the Council on the question of the charges made by the local body, and after considerable discussion it was resolved that the whole question be referred to a committee of the whole for report. Members were of opinion that the present arrangement was unsatisfactory, and it was stated that the revenue derived had not been sufficient to meet the cost of maintenance. The chairman said that the settlers in the district had been put to great inconvenience, and it was only fair that some relief should be given them. After further discussion the motion was carried on the voices, and the meeting adjourned until the following week, when the report would be considered. It was also decided that the engineer should furnish a statement of the works in progress, together with an estimate of the probable cost of completing them before the winter set in.

INTERESTING ITEMS.

The matter came before the Council on the question of the charges made by the local body, and after considerable discussion it was resolved that the whole question be referred to a committee of the whole for report. Members were of opinion that the present arrangement was unsatisfactory, and it was stated that the revenue derived had not been sufficient to meet the cost of maintenance. The chairman said that the settlers in the district had been put to great inconvenience, and it was only fair that some relief should be given them. After further discussion the motion was carried on the voices, and the meeting adjourned until the following week, when the report would be considered. It was also decided that the engineer should furnish a statement of the works in progress, together with an estimate of the probable cost of completing them before the winter set in.

The matter came before the Council on the question of the charges made by the local body, and after considerable discussion it was resolved that the whole question be referred to a committee of the whole for report. Members were of opinion that the present arrangement was unsatisfactory, and it was stated that the revenue derived had not been sufficient to meet the cost of maintenance. The chairman said that the settlers in the district had been put to great inconvenience, and it was only fair that some relief should be given them. After further discussion the motion was carried on the voices, and the meeting adjourned until the following week, when the report would be considered. It was also decided that the engineer should furnish a statement of the works in progress, together with an estimate of the probable cost of completing them before the winter set in.

CABLE NEWS

(By Cable—Press Association—Copyright.)

BRITAIN'S FISCAL POLICY.

The matter came before the Council on the question of the charges made by the local body, and after considerable discussion it was resolved that the whole question be referred to a committee of the whole for report. Members were of opinion that the present arrangement was unsatisfactory, and it was stated that the revenue derived had not been sufficient to meet the cost of maintenance. The chairman said that the settlers in the district had been put to great inconvenience, and it was only fair that some relief should be given them. After further discussion the motion was carried on the voices, and the meeting adjourned until the following week, when the report would be considered. It was also decided that the engineer should furnish a statement of the works in progress, together with an estimate of the probable cost of completing them before the winter set in.

The matter came before the Council on the question of the charges made by the local body, and after considerable discussion it was resolved that the whole question be referred to a committee of the whole for report. Members were of opinion that the present arrangement was unsatisfactory, and it was stated that the revenue derived had not been sufficient to meet the cost of maintenance. The chairman said that the settlers in the district had been put to great inconvenience, and it was only fair that some relief should be given them. After further discussion the motion was carried on the voices, and the meeting adjourned until the following week, when the report would be considered. It was also decided that the engineer should furnish a statement of the works in progress, together with an estimate of the probable cost of completing them before the winter set in.

The matter came before the Council on the question of the charges made by the local body, and after considerable discussion it was resolved that the whole question be referred to a committee of the whole for report. Members were of opinion that the present arrangement was unsatisfactory, and it was stated that the revenue derived had not been sufficient to meet the cost of maintenance. The chairman said that the settlers in the district had been put to great inconvenience, and it was only fair that some relief should be given them. After further discussion the motion was carried on the voices, and the meeting adjourned until the following week, when the report would be considered. It was also decided that the engineer should furnish a statement of the works in progress, together with an estimate of the probable cost of completing them before the winter set in.

IMPERIAL THOUGHTS.

The matter came before the Council on the question of the charges made by the local body, and after considerable discussion it was resolved that the whole question be referred to a committee of the whole for report. Members were of opinion that the present arrangement was unsatisfactory, and it was stated that the revenue derived had not been sufficient to meet the cost of maintenance. The chairman said that the settlers in the district had been put to great inconvenience, and it was only fair that some relief should be given them. After further discussion the motion was carried on the voices, and the meeting adjourned until the following week, when the report would be considered. It was also decided that the engineer should furnish a statement of the works in progress, together with an estimate of the probable cost of completing them before the winter set in.

The matter came before the Council on the question of the charges made by the local body, and after considerable discussion it was resolved that the whole question be referred to a committee of the whole for report. Members were of opinion that the present arrangement was unsatisfactory, and it was stated that the revenue derived had not been sufficient to meet the cost of maintenance. The chairman said that the settlers in the district had been put to great inconvenience, and it was only fair that some relief should be given them. After further discussion the motion was carried on the voices, and the meeting adjourned until the following week, when the report would be considered. It was also decided that the engineer should furnish a statement of the works in progress, together with an estimate of the probable cost of completing them before the winter set in.

THE BRITISH BUDGET.

The matter came before the Council on the question of the charges made by the local body, and after considerable discussion it was resolved that the whole question be referred to a committee of the whole for report. Members were of opinion that the present arrangement was unsatisfactory, and it was stated that the revenue derived had not been sufficient to meet the cost of maintenance. The chairman said that the settlers in the district had been put to great inconvenience, and it was only fair that some relief should be given them. After further discussion the motion was carried on the voices, and the meeting adjourned until the following week, when the report would be considered. It was also decided that the engineer should furnish a statement of the works in progress, together with an estimate of the probable cost of completing them before the winter set in.

THE BALLOON SCARE.

A POSSIBLE EXPLANATION.

The matter came before the Council on the question of the charges made by the local body, and after considerable discussion it was resolved that the whole question be referred to a committee of the whole for report. Members were of opinion that the present arrangement was unsatisfactory, and it was stated that the revenue derived had not been sufficient to meet the cost of maintenance. The chairman said that the settlers in the district had been put to great inconvenience, and it was only fair that some relief should be given them. After further discussion the motion was carried on the voices, and the meeting adjourned until the following week, when the report would be considered. It was also decided that the engineer should furnish a statement of the works in progress, together with an estimate of the probable cost of completing them before the winter set in.

GENERAL CABLES.

The matter came before the Council on the question of the charges made by the local body, and after considerable discussion it was resolved that the whole question be referred to a committee of the whole for report. Members were of opinion that the present arrangement was unsatisfactory, and it was stated that the revenue derived had not been sufficient to meet the cost of maintenance. The chairman said that the settlers in the district had been put to great inconvenience, and it was only fair that some relief should be given them. After further discussion the motion was carried on the voices, and the meeting adjourned until the following week, when the report would be considered. It was also decided that the engineer should furnish a statement of the works in progress, together with an estimate of the probable cost of completing them before the winter set in.

The matter came before the Council on the question of the charges made by the local body, and after considerable discussion it was resolved that the whole question be referred to a committee of the whole for report. Members were of opinion that the present arrangement was unsatisfactory, and it was stated that the revenue derived had not been sufficient to meet the cost of maintenance. The chairman said that the settlers in the district had been put to great inconvenience, and it was only fair that some relief should be given them. After further discussion the motion was carried on the voices, and the meeting adjourned until the following week, when the report would be considered. It was also decided that the engineer should furnish a statement of the works in progress, together with an estimate of the probable cost of completing them before the winter set in.

The matter came before the Council on the question of the charges made by the local body, and after considerable discussion it was resolved that the whole question be referred to a committee of the whole for report. Members were of opinion that the present arrangement was unsatisfactory, and it was stated that the revenue derived had not been sufficient to meet the cost of maintenance. The chairman said that the settlers in the district had been put to great inconvenience, and it was only fair that some relief should be given them. After further discussion the motion was carried on the voices, and the meeting adjourned until the following week, when the report would be considered. It was also decided that the engineer should furnish a statement of the works in progress, together with an estimate of the probable cost of completing them before the winter set in.

AUSTRALIAN NEWS

FEDERAL POLITICS.

The matter came before the Council on the question of the charges made by the local body, and after considerable discussion it was resolved that the whole question be referred to a committee of the whole for report. Members were of opinion that the present arrangement was unsatisfactory, and it was stated that the revenue derived had not been sufficient to meet the cost of maintenance. The chairman said that the settlers in the district had been put to great inconvenience, and it was only fair that some relief should be given them. After further discussion the motion was carried on the voices, and the meeting adjourned until the following week, when the report would be considered. It was also decided that the engineer should furnish a statement of the works in progress, together with an estimate of the probable cost of completing them before the winter set in.

The matter came before the Council on the question of the charges made by the local body, and after considerable discussion it was resolved that the whole question be referred to a committee of the whole for report. Members were of opinion that the present arrangement was unsatisfactory, and it was stated that the revenue derived had not been sufficient to meet the cost of maintenance. The chairman said that the settlers in the district had been put to great inconvenience, and it was only fair that some relief should be given them. After further discussion the motion was carried on the voices, and the meeting adjourned until the following week, when the report would be considered. It was also decided that the engineer should furnish a statement of the works in progress, together with an estimate of the probable cost of completing them before the winter set in.

The matter came before the Council on the question of the charges made by the local body, and after considerable discussion it was resolved that the whole question be referred to a committee of the whole for report. Members were of opinion that the present arrangement was unsatisfactory, and it was stated that the revenue derived had not been sufficient to meet the cost of maintenance. The chairman said that the settlers in the district had been put to great inconvenience, and it was only fair that some relief should be given them. After further discussion the motion was carried on the voices, and the meeting adjourned until the following week, when the report would be considered. It was also decided that the engineer should furnish a statement of the works in progress, together with an estimate of the probable cost of completing them before the winter set in.
